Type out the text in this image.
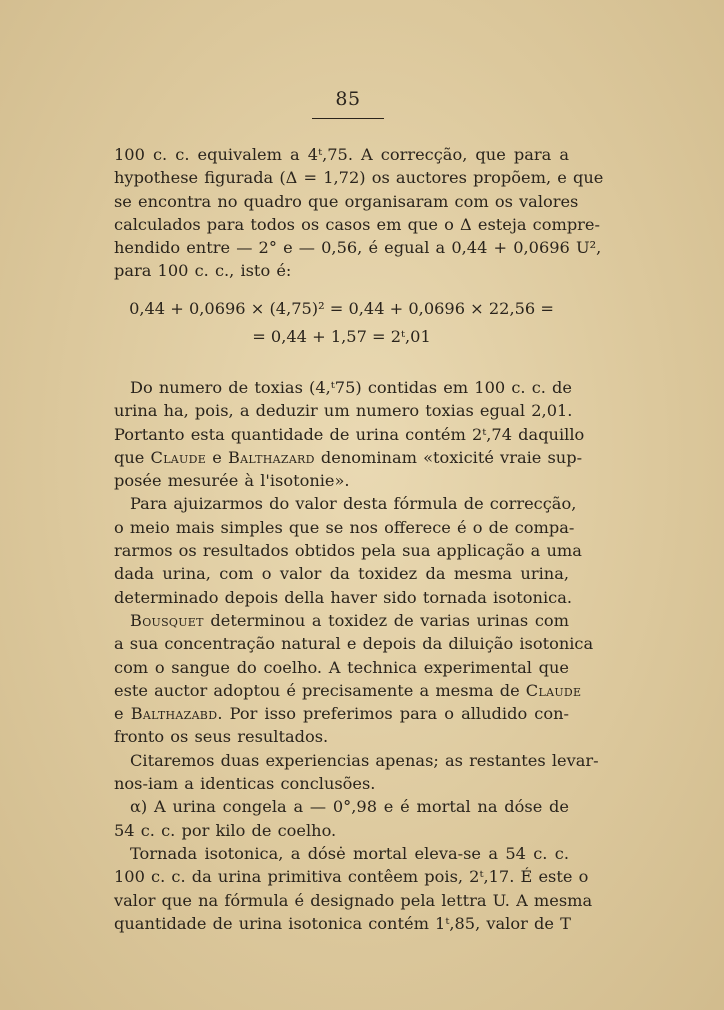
85
100 c. c. equivalem a 4ᵗ,75. A correcção, que para a
hypothese figurada (Δ = 1,72) os auctores propõem, e que
se encontra no quadro que organisaram com os valores
calculados para todos os casos em que o Δ esteja compre-
hendido entre — 2° e — 0,56, é egual a 0,44 + 0,0696 U²,
para 100 c. c., isto é:
0,44 + 0,0696 × (4,75)² = 0,44 + 0,0696 × 22,56 =
= 0,44 + 1,57 = 2ᵗ,01
Do numero de toxias (4,ᵗ75) contidas em 100 c. c. de
urina ha, pois, a deduzir um numero toxias egual 2,01.
Portanto esta quantidade de urina contém 2ᵗ,74 daquillo
que Claude e Balthazard denominam «toxicité vraie sup-
posée mesurée à l'isotonie».
Para ajuizarmos do valor desta fórmula de correcção,
o meio mais simples que se nos offerece é o de compa-
rarmos os resultados obtidos pela sua applicação a uma
dada urina, com o valor da toxidez da mesma urina,
determinado depois della haver sido tornada isotonica.
Bousquet determinou a toxidez de varias urinas com
a sua concentração natural e depois da diluição isotonica
com o sangue do coelho. A technica experimental que
este auctor adoptou é precisamente a mesma de Claude
e Balthazabd. Por isso preferimos para o alludido con-
fronto os seus resultados.
Citaremos duas experiencias apenas; as restantes levar-
nos-iam a identicas conclusões.
α) A urina congela a — 0°,98 e é mortal na dóse de
54 c. c. por kilo de coelho.
Tornada isotonica, a dósė mortal eleva-se a 54 c. c.
100 c. c. da urina primitiva contêem pois, 2ᵗ,17. É este o
valor que na fórmula é designado pela lettra U. A mesma
quantidade de urina isotonica contém 1ᵗ,85, valor de T
